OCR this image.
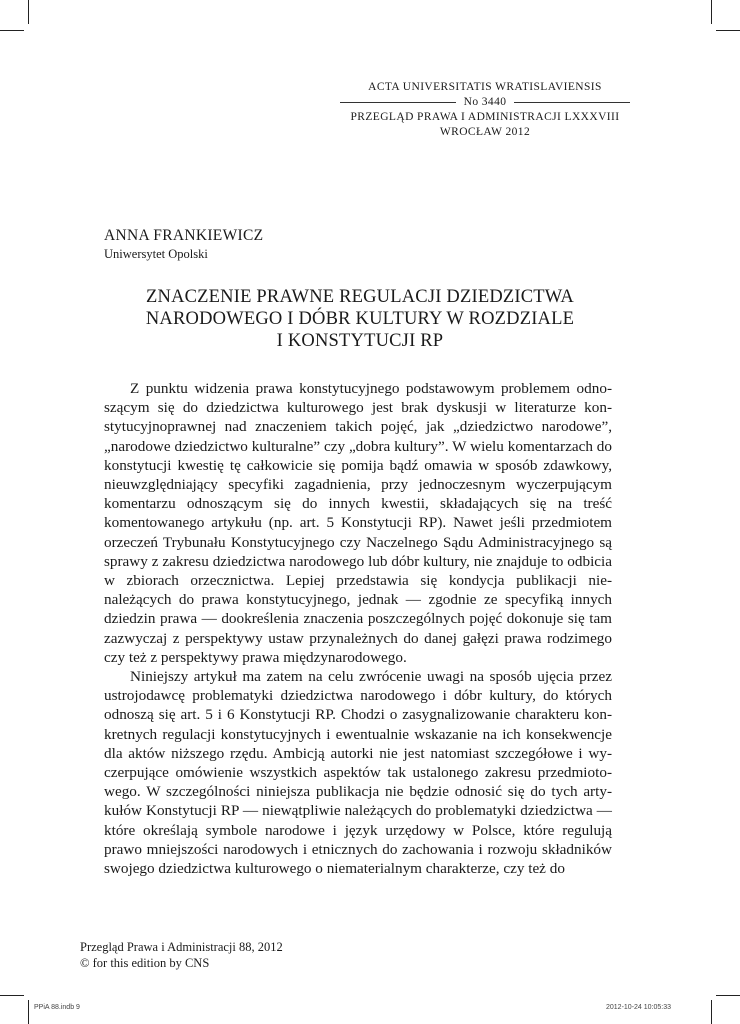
ACTA UNIVERSITATIS WRATISLAVIENSIS
No 3440
PRZEGLĄD PRAWA I ADMINISTRACJI LXXXVIII
WROCŁAW 2012
ANNA FRANKIEWICZ
Uniwersytet Opolski
ZNACZENIE PRAWNE REGULACJI DZIEDZICTWA
NARODOWEGO I DÓBR KULTURY W ROZDZIALE
I KONSTYTUCJI RP

Z punktu widzenia prawa konstytucyjnego podstawowym problemem odnoszącym się do dziedzictwa kulturowego jest brak dyskusji w literaturze konstytucyjnoprawnej nad znaczeniem takich pojęć, jak „dziedzictwo narodowe”, „narodowe dziedzictwo kulturalne” czy „dobra kultury”. W wielu komentarzach do konstytucji kwestię tę całkowicie się pomija bądź omawia w sposób zdawkowy, nieuwzględniający specyfiki zagadnienia, przy jednoczesnym wyczerpującym komentarzu odnoszącym się do innych kwestii, składających się na treść komentowanego artykułu (np. art. 5 Konstytucji RP). Nawet jeśli przedmiotem orzeczeń Trybunału Konstytucyjnego czy Naczelnego Sądu Administracyjnego są sprawy z zakresu dziedzictwa narodowego lub dóbr kultury, nie znajduje to odbicia w zbiorach orzecznictwa. Lepiej przedstawia się kondycja publikacji nienależących do prawa konstytucyjnego, jednak — zgodnie ze specyfiką innych dziedzin prawa — dookreślenia znaczenia poszczególnych pojęć dokonuje się tam zazwyczaj z perspektywy ustaw przynależnych do danej gałęzi prawa rodzimego czy też z perspektywy prawa międzynarodowego.

Niniejszy artykuł ma zatem na celu zwrócenie uwagi na sposób ujęcia przez ustrojodawcę problematyki dziedzictwa narodowego i dóbr kultury, do których odnoszą się art. 5 i 6 Konstytucji RP. Chodzi o zasygnalizowanie charakteru konkretnych regulacji konstytucyjnych i ewentualnie wskazanie na ich konsekwencje dla aktów niższego rzędu. Ambicją autorki nie jest natomiast szczegółowe i wyczerpujące omówienie wszystkich aspektów tak ustalonego zakresu przedmiotowego. W szczególności niniejsza publikacja nie będzie odnosić się do tych artykułów Konstytucji RP — niewątpliwie należących do problematyki dziedzictwa — które określają symbole narodowe i język urzędowy w Polsce, które regulują prawo mniejszości narodowych i etnicznych do zachowania i rozwoju składników swojego dziedzictwa kulturowego o niematerialnym charakterze, czy też do

Przegląd Prawa i Administracji 88, 2012
© for this edition by CNS
PPiA 88.indb 9	2012-10-24 10:05:33
